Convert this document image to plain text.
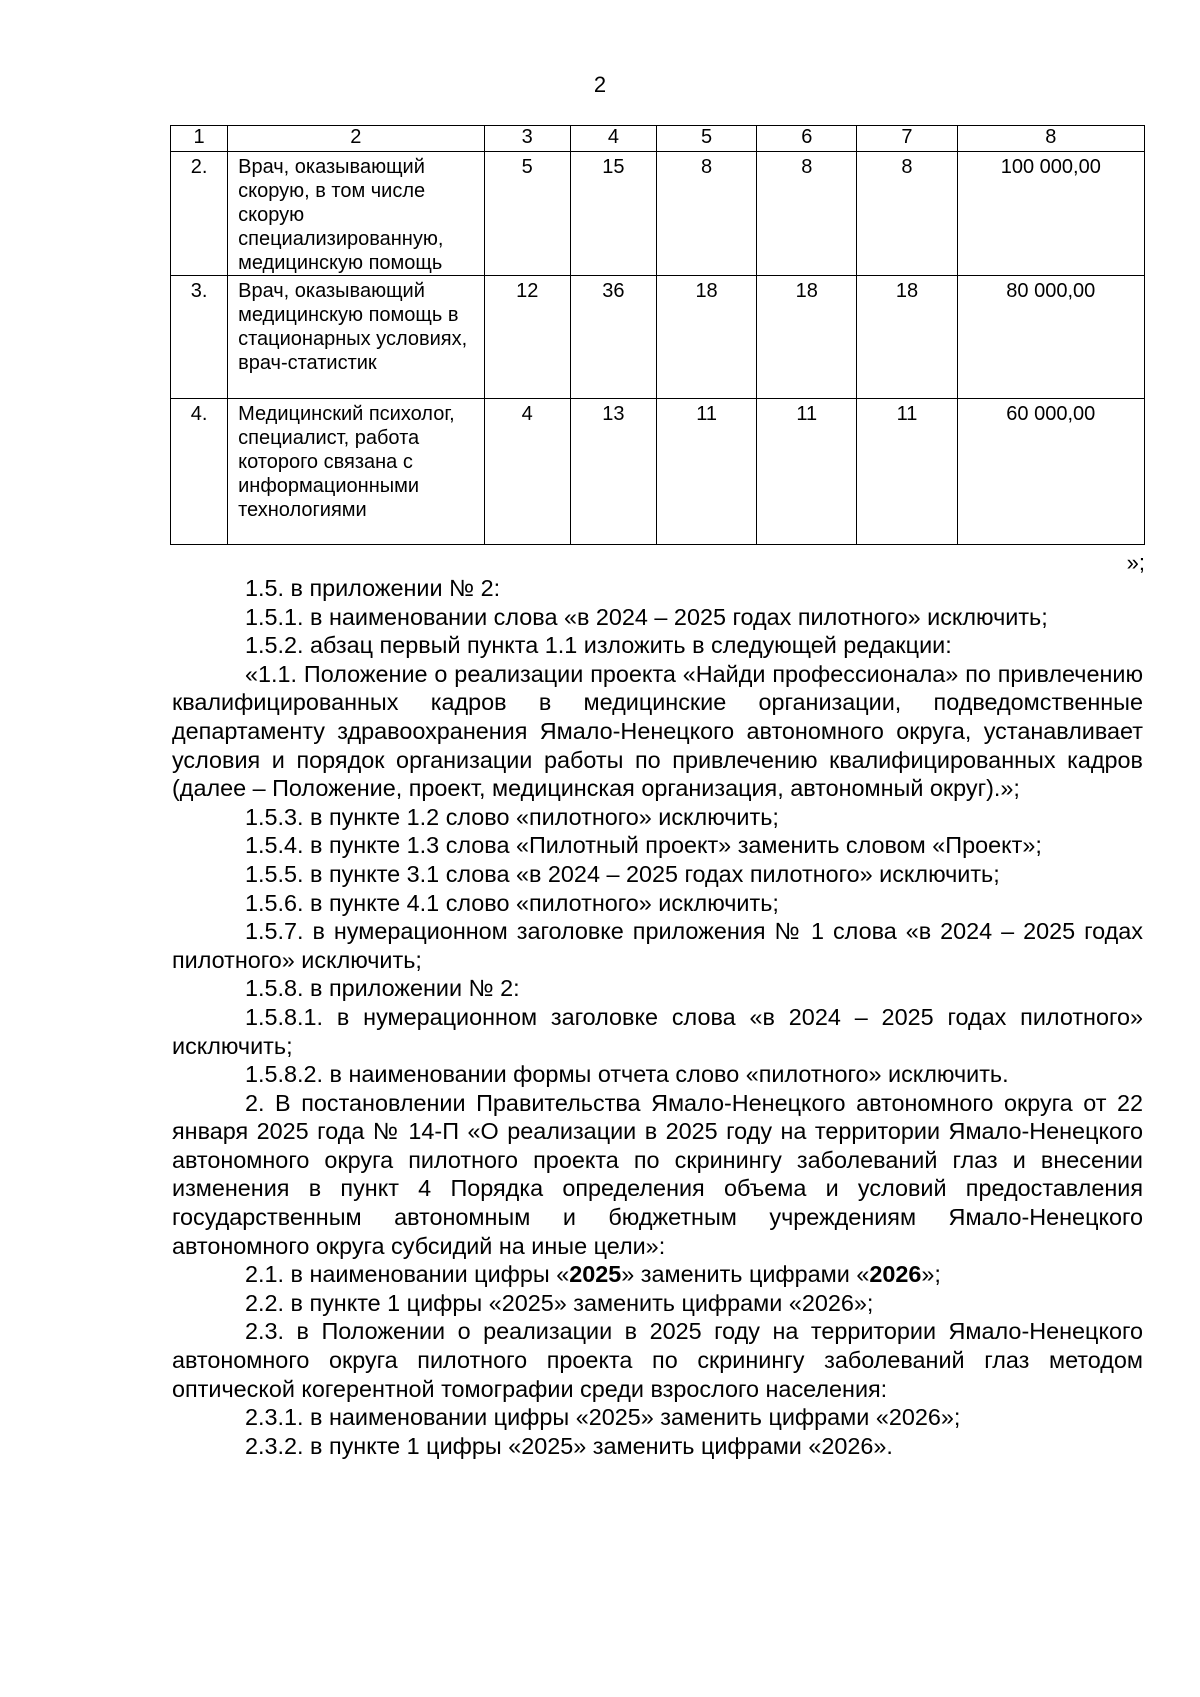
2
1	2	3	4	5	6	7	8
2.	Врач, оказывающий скорую, в том числе скорую специализированную, медицинскую помощь	5	15	8	8	8	100 000,00
3.	Врач, оказывающий медицинскую помощь в стационарных условиях, врач-статистик	12	36	18	18	18	80 000,00
4.	Медицинский психолог, специалист, работа которого связана с информационными технологиями	4	13	11	11	11	60 000,00
»;

1.5. в приложении № 2:

1.5.1. в наименовании слова «в 2024 – 2025 годах пилотного» исключить;

1.5.2. абзац первый пункта 1.1 изложить в следующей редакции:

«1.1. Положение о реализации проекта «Найди профессионала» по привлечению квалифицированных кадров в медицинские организации, подведомственные департаменту здравоохранения Ямало-Ненецкого автономного округа, устанавливает условия и порядок организации работы по привлечению квалифицированных кадров (далее – Положение, проект, медицинская организация, автономный округ).»;

1.5.3. в пункте 1.2 слово «пилотного» исключить;

1.5.4. в пункте 1.3 слова «Пилотный проект» заменить словом «Проект»;

1.5.5. в пункте 3.1 слова «в 2024 – 2025 годах пилотного» исключить;

1.5.6. в пункте 4.1 слово «пилотного» исключить;

1.5.7. в нумерационном заголовке приложения № 1 слова «в 2024 – 2025 годах пилотного» исключить;

1.5.8. в приложении № 2:

1.5.8.1. в нумерационном заголовке слова «в 2024 – 2025 годах пилотного» исключить;

1.5.8.2. в наименовании формы отчета слово «пилотного» исключить.

2. В постановлении Правительства Ямало-Ненецкого автономного округа от 22 января 2025 года № 14-П «О реализации в 2025 году на территории Ямало-Ненецкого автономного округа пилотного проекта по скринингу заболеваний глаз и внесении изменения в пункт 4 Порядка определения объема и условий предоставления государственным автономным и бюджетным учреждениям Ямало-Ненецкого автономного округа субсидий на иные цели»:

2.1. в наименовании цифры «2025» заменить цифрами «2026»;

2.2. в пункте 1 цифры «2025» заменить цифрами «2026»;

2.3. в Положении о реализации в 2025 году на территории Ямало-Ненецкого автономного округа пилотного проекта по скринингу заболеваний глаз методом оптической когерентной томографии среди взрослого населения:

2.3.1. в наименовании цифры «2025» заменить цифрами «2026»;

2.3.2. в пункте 1 цифры «2025» заменить цифрами «2026».
